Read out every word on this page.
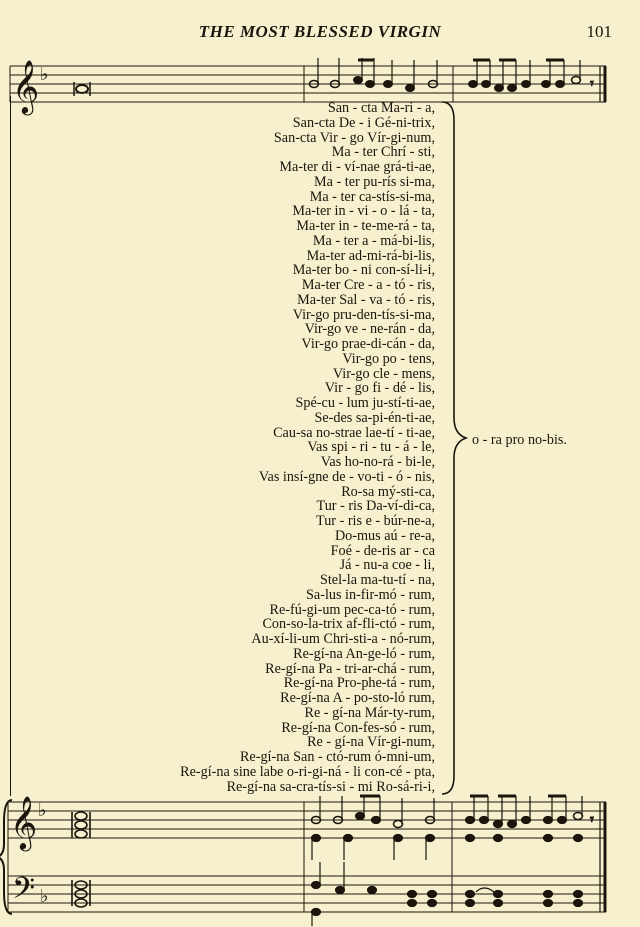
THE MOST BLESSED VIRGIN	101
𝄞 ♭	𝄾
San - cta Ma-rí - a,
San-cta De - i Gé-ni-trix,
San-cta Vir - go Vír-gi-num,
Ma - ter Chrí - sti,
Ma-ter di - ví-nae grá-ti-ae,
Ma - ter pu-rís si-ma,
Ma - ter ca-stís-si-ma,
Ma-ter in - vi - o - lá - ta,
Ma-ter in - te-me-rá - ta,
Ma - ter a - má-bi-lis,
Ma-ter ad-mi-rá-bi-lis,
Ma-ter bo - ni con-sí-li-i,
Ma-ter Cre - a - tó - ris,
Ma-ter Sal - va - tó - ris,
Vir-go pru-den-tís-si-ma,
Vir-go ve - ne-rán - da,
Vir-go prae-di-cán - da,
Vir-go po - tens,
Vir-go cle - mens,
Vir - go fi - dé - lis,
Spé-cu - lum ju-stí-ti-ae,
Se-des sa-pi-én-ti-ae,
Cau-sa no-strae lae-tí - ti-ae,
Vas spi - ri - tu - á - le,
Vas ho-no-rá - bi-le,
Vas insí-gne de - vo-ti - ó - nis,
Ro-sa mý-sti-ca,
Tur - ris Da-ví-di-ca,
Tur - ris e - búr-ne-a,
Do-mus aú - re-a,
Foé - de-ris ar - ca
Já - nu-a coe - li,
Stel-la ma-tu-tí - na,
Sa-lus in-fir-mó - rum,
Re-fú-gi-um pec-ca-tó - rum,
Con-so-la-trix af-fli-ctó - rum,
Au-xí-li-um Chri-sti-a - nó-rum,
Re-gí-na An-ge-ló - rum,
Re-gí-na Pa - tri-ar-chá - rum,
Re-gí-na Pro-phe-tá - rum,
Re-gí-na A - po-sto-ló rum,
Re - gí-na Már-ty-rum,
Re-gí-na Con-fes-só - rum,
Re - gí-na Vír-gi-num,
Re-gí-na San - ctó-rum ó-mni-um,
Re-gí-na sine labe o-ri-gi-ná - li con-cé - pta,
Re-gí-na sa-cra-tís-si - mi Ro-sá-ri-i,
o - ra pro no-bis.
𝄞 ♭
𝄢 ♭
𝄾
